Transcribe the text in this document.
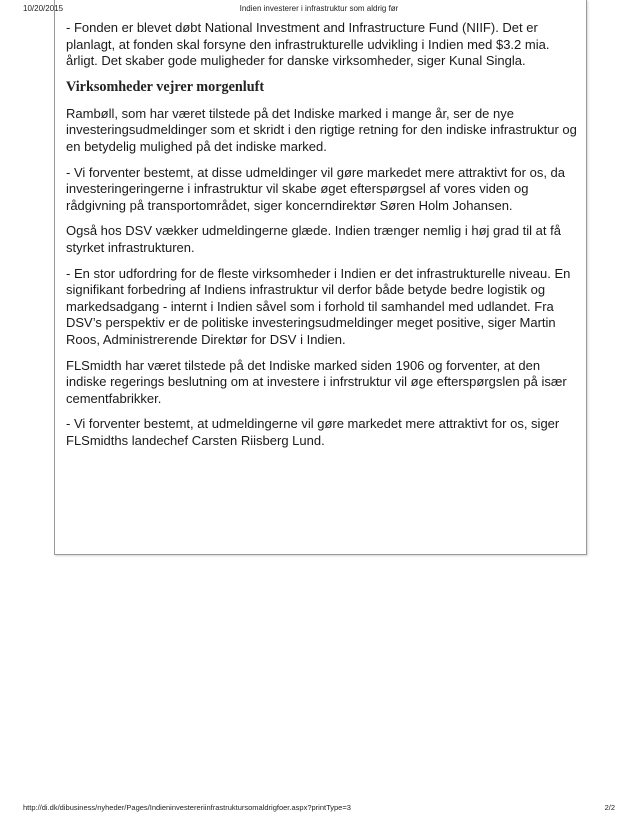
10/20/2015	Indien investerer i infrastruktur som aldrig før

- Fonden er blevet døbt National Investment and Infrastructure Fund (NIIF). Det er planlagt, at fonden skal forsyne den infrastrukturelle udvikling i Indien med $3.2 mia. årligt. Det skaber gode muligheder for danske virksomheder, siger Kunal Singla.

Virksomheder vejrer morgenluft

Rambøll, som har været tilstede på det Indiske marked i mange år, ser de nye investeringsudmeldinger som et skridt i den rigtige retning for den indiske infrastruktur og en betydelig mulighed på det indiske marked.

- Vi forventer bestemt, at disse udmeldinger vil gøre markedet mere attraktivt for os, da investeringeringerne i infrastruktur vil skabe øget efterspørgsel af vores viden og rådgivning på transportområdet, siger koncerndirektør Søren Holm Johansen.

Også hos DSV vækker udmeldingerne glæde. Indien trænger nemlig i høj grad til at få styrket infrastrukturen.

- En stor udfordring for de fleste virksomheder i Indien er det infrastrukturelle niveau. En signifikant forbedring af Indiens infrastruktur vil derfor både betyde bedre logistik og markedsadgang - internt i Indien såvel som i forhold til samhandel med udlandet. Fra DSV’s perspektiv er de politiske investeringsudmeldinger meget positive, siger Martin Roos, Administrerende Direktør for DSV i Indien.

FLSmidth har været tilstede på det Indiske marked siden 1906 og forventer, at den indiske regerings beslutning om at investere i infrstruktur vil øge efterspørgslen på især cementfabrikker.

- Vi forventer bestemt, at udmeldingerne vil gøre markedet mere attraktivt for os, siger FLSmidths landechef Carsten Riisberg Lund.

http://di.dk/dibusiness/nyheder/Pages/Indieninvestereriinfrastruktursomaldrigfoer.aspx?printType=3	2/2
